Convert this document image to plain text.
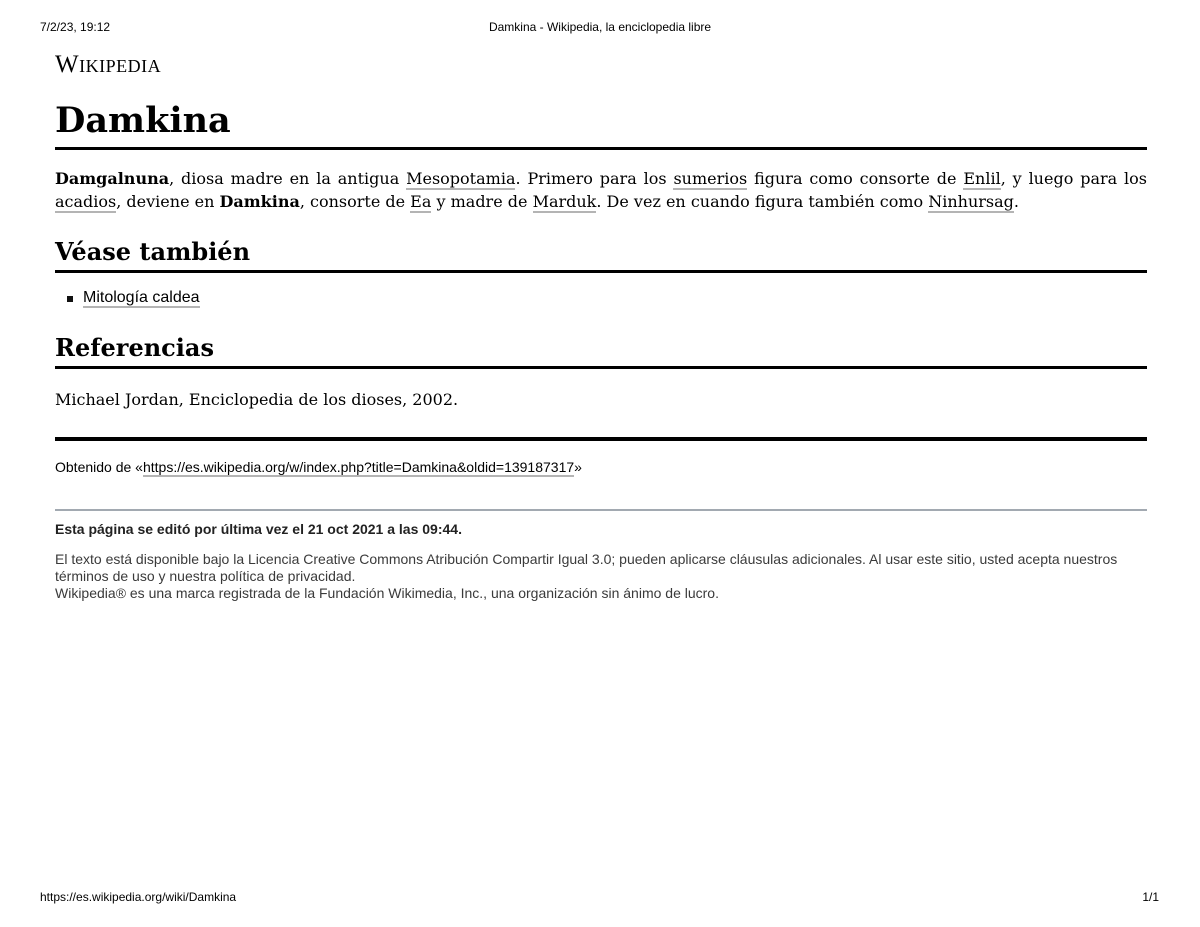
7/2/23, 19:12	Damkina - Wikipedia, la enciclopedia libre
Wikipedia
Damkina

Damgalnuna, diosa madre en la antigua Mesopotamia. Primero para los sumerios figura como consorte de Enlil, y luego para los acadios, deviene en Damkina, consorte de Ea y madre de Marduk. De vez en cuando figura también como Ninhursag.

Véase también
Mitología caldea
Referencias

Michael Jordan, Enciclopedia de los dioses, 2002.

Obtenido de «https://es.wikipedia.org/w/index.php?title=Damkina&oldid=139187317»
Esta página se editó por última vez el 21 oct 2021 a las 09:44.
El texto está disponible bajo la Licencia Creative Commons Atribución Compartir Igual 3.0; pueden aplicarse cláusulas adicionales. Al usar este sitio, usted acepta nuestros términos de uso y nuestra política de privacidad.
Wikipedia® es una marca registrada de la Fundación Wikimedia, Inc., una organización sin ánimo de lucro.
https://es.wikipedia.org/wiki/Damkina	1/1
